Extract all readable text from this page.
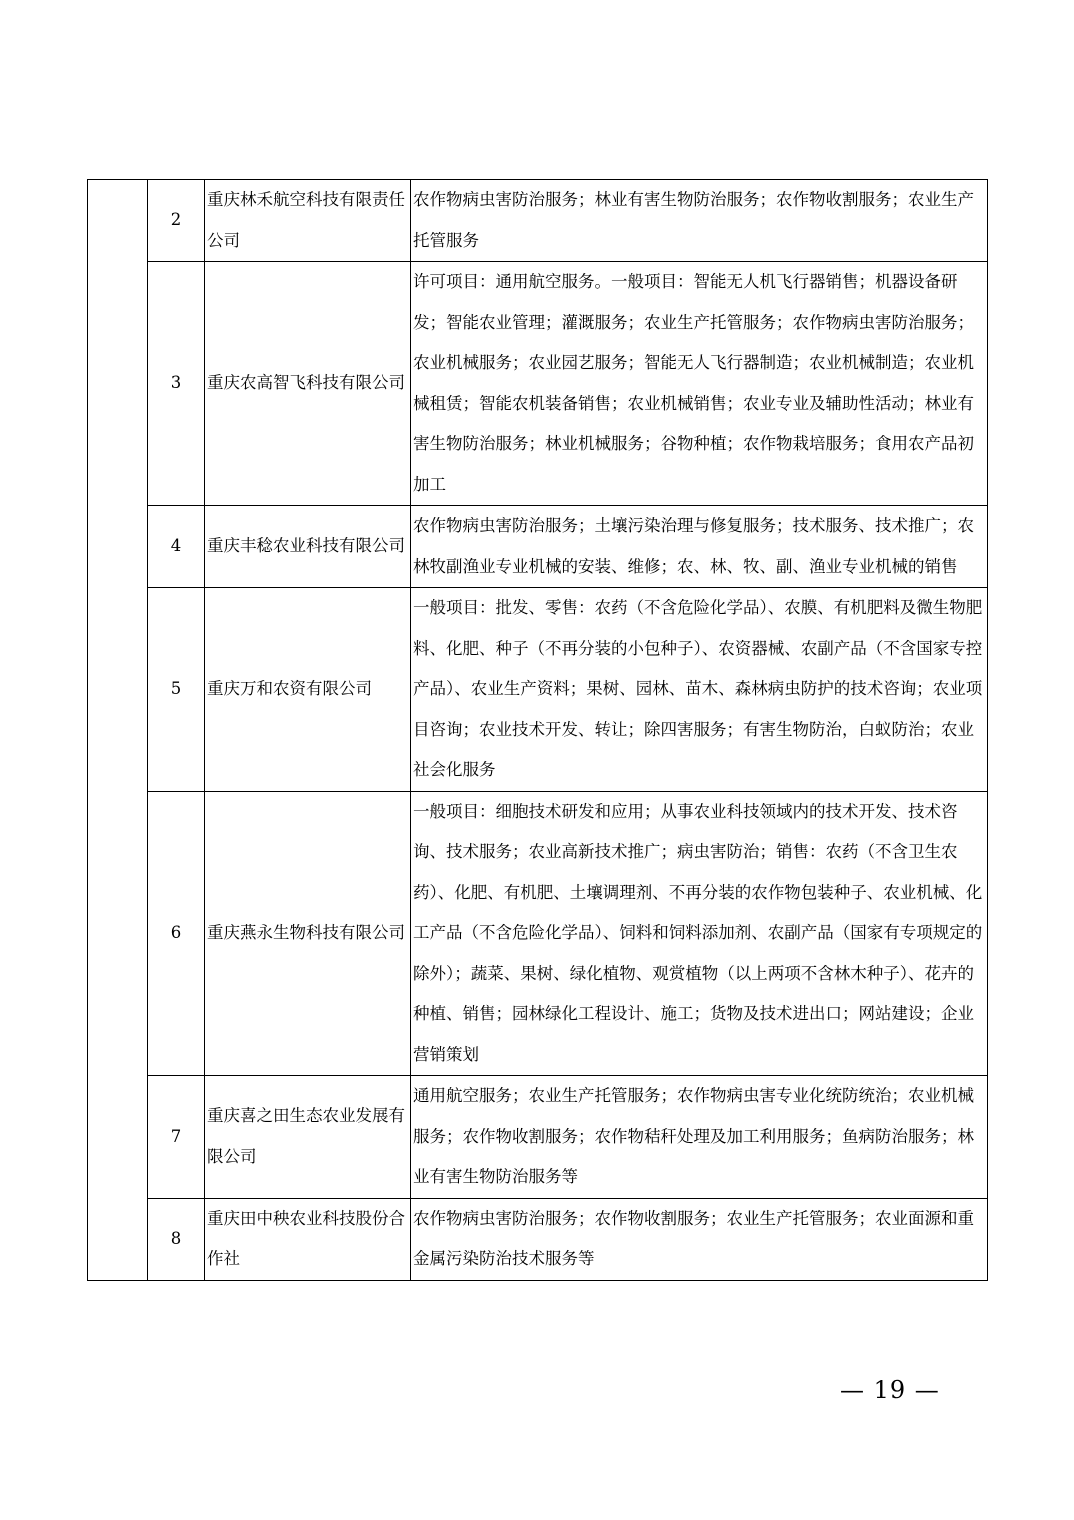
	2	重庆林禾航空科技有限责任公司	农作物病虫害防治服务；林业有害生物防治服务；农作物收割服务；农业生产托管服务
	3	重庆农高智飞科技有限公司	许可项目：通用航空服务。一般项目：智能无人机飞行器销售；机器设备研发；智能农业管理；灌溉服务；农业生产托管服务；农作物病虫害防治服务；农业机械服务；农业园艺服务；智能无人飞行器制造；农业机械制造；农业机械租赁；智能农机装备销售；农业机械销售；农业专业及辅助性活动；林业有害生物防治服务；林业机械服务；谷物种植；农作物栽培服务；食用农产品初加工
	4	重庆丰稔农业科技有限公司	农作物病虫害防治服务；土壤污染治理与修复服务；技术服务、技术推广；农林牧副渔业专业机械的安装、维修；农、林、牧、副、渔业专业机械的销售
	5	重庆万和农资有限公司	一般项目：批发、零售：农药（不含危险化学品）、农膜、有机肥料及微生物肥料、化肥、种子（不再分装的小包种子）、农资器械、农副产品（不含国家专控产品）、农业生产资料；果树、园林、苗木、森林病虫防护的技术咨询；农业项目咨询；农业技术开发、转让；除四害服务；有害生物防治，白蚁防治；农业社会化服务
	6	重庆燕永生物科技有限公司	一般项目：细胞技术研发和应用；从事农业科技领域内的技术开发、技术咨询、技术服务；农业高新技术推广；病虫害防治；销售：农药（不含卫生农药）、化肥、有机肥、土壤调理剂、不再分装的农作物包装种子、农业机械、化工产品（不含危险化学品）、饲料和饲料添加剂、农副产品（国家有专项规定的除外）；蔬菜、果树、绿化植物、观赏植物（以上两项不含林木种子）、花卉的种植、销售；园林绿化工程设计、施工；货物及技术进出口；网站建设；企业营销策划
	7	重庆喜之田生态农业发展有限公司	通用航空服务；农业生产托管服务；农作物病虫害专业化统防统治；农业机械服务；农作物收割服务；农作物秸秆处理及加工利用服务；鱼病防治服务；林业有害生物防治服务等
	8	重庆田中秧农业科技股份合作社	农作物病虫害防治服务；农作物收割服务；农业生产托管服务；农业面源和重金属污染防治技术服务等
— 19 —
